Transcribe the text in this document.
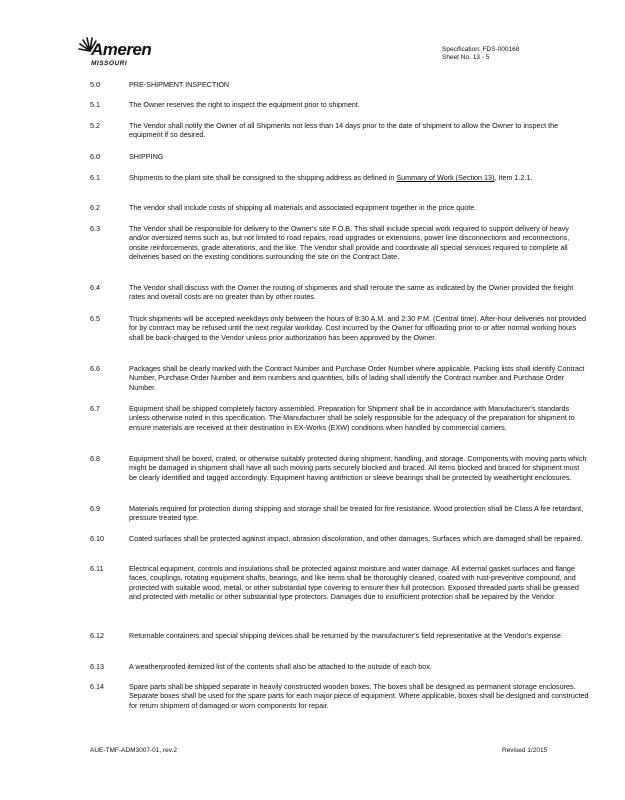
Ameren
MISSOURI
Specification: FDS-000168
Sheet No. 13 - 5
5.0	PRE-SHIPMENT INSPECTION
5.1	The Owner reserves the right to inspect the equipment prior to shipment.
5.2	The Vendor shall notify the Owner of all Shipments not less than 14 days prior to the date of shipment to allow the Owner to inspect the equipment if so desired.
6.0	SHIPPING
6.1	Shipments to the plant site shall be consigned to the shipping address as defined in Summary of Work (Section 13), Item 1.2.1.
6.2	The vendor shall include costs of shipping all materials and associated equipment together in the price quote.
6.3	The Vendor shall be responsible for delivery to the Owner's site F.O.B. This shall include special work required to support delivery of heavy and/or oversized items such as, but not limited to road repairs, road upgrades or extensions, power line disconnections and reconnections, onsite reinforcements, grade alterations, and the like. The Vendor shall provide and coordinate all special services required to complete all deliveries based on the existing conditions surrounding the site on the Contract Date.
6.4	The Vendor shall discuss with the Owner the routing of shipments and shall reroute the same as indicated by the Owner provided the freight rates and overall costs are no greater than by other routes.
6.5	Truck shipments will be accepted weekdays only between the hours of 8:30 A.M. and 2:30 P.M. (Central time). After-hour deliveries not provided for by contract may be refused until the next regular workday. Cost incurred by the Owner for offloading prior to or after normal working hours shall be back-charged to the Vendor unless prior authorization has been approved by the Owner.
6.6	Packages shall be clearly marked with the Contract Number and Purchase Order Number where applicable. Packing lists shall identify Contract Number, Purchase Order Number and item numbers and quantities, bills of lading shall identify the Contract number and Purchase Order Number.
6.7	Equipment shall be shipped completely factory assembled. Preparation for Shipment shall be in accordance with Manufacturer's standards unless otherwise noted in this specification. The Manufacturer shall be solely responsible for the adequacy of the preparation for shipment to ensure materials are received at their destination in EX-Works (EXW) conditions when handled by commercial carriers.
6.8	Equipment shall be boxed, crated, or otherwise suitably protected during shipment, handling, and storage. Components with moving parts which might be damaged in shipment shall have all such moving parts securely blocked and braced. All items blocked and braced for shipment must be clearly identified and tagged accordingly. Equipment having antifriction or sleeve bearings shall be protected by weathertight enclosures.
6.9	Materials required for protection during shipping and storage shall be treated for fire resistance. Wood protection shall be Class A fire retardant, pressure treated type.
6.10	Coated surfaces shall be protected against impact, abrasion discoloration, and other damages. Surfaces which are damaged shall be repaired.
6.11	Electrical equipment, controls and insulations shall be protected against moisture and water damage. All external gasket surfaces and flange faces, couplings, rotating equipment shafts, bearings, and like items shall be thoroughly cleaned, coated with rust-preventive compound, and protected with suitable wood, metal, or other substantial type covering to ensure their full protection. Exposed threaded parts shall be greased and protected with metallic or other substantial type protectors. Damages due to insufficient protection shall be repaired by the Vendor.
6.12	Returnable containers and special shipping devices shall be returned by the manufacturer's field representative at the Vendor's expense.
6.13	A weatherproofed itemized list of the contents shall also be attached to the outside of each box.
6.14	Spare parts shall be shipped separate in heavily constructed wooden boxes. The boxes shall be designed as permanent storage enclosures. Separate boxes shall be used for the spare parts for each major piece of equipment. Where applicable, boxes shall be designed and constructed for return shipment of damaged or worn components for repair.
AUE-TMF-ADM3007-01, rev.2	Revised 1/2015
